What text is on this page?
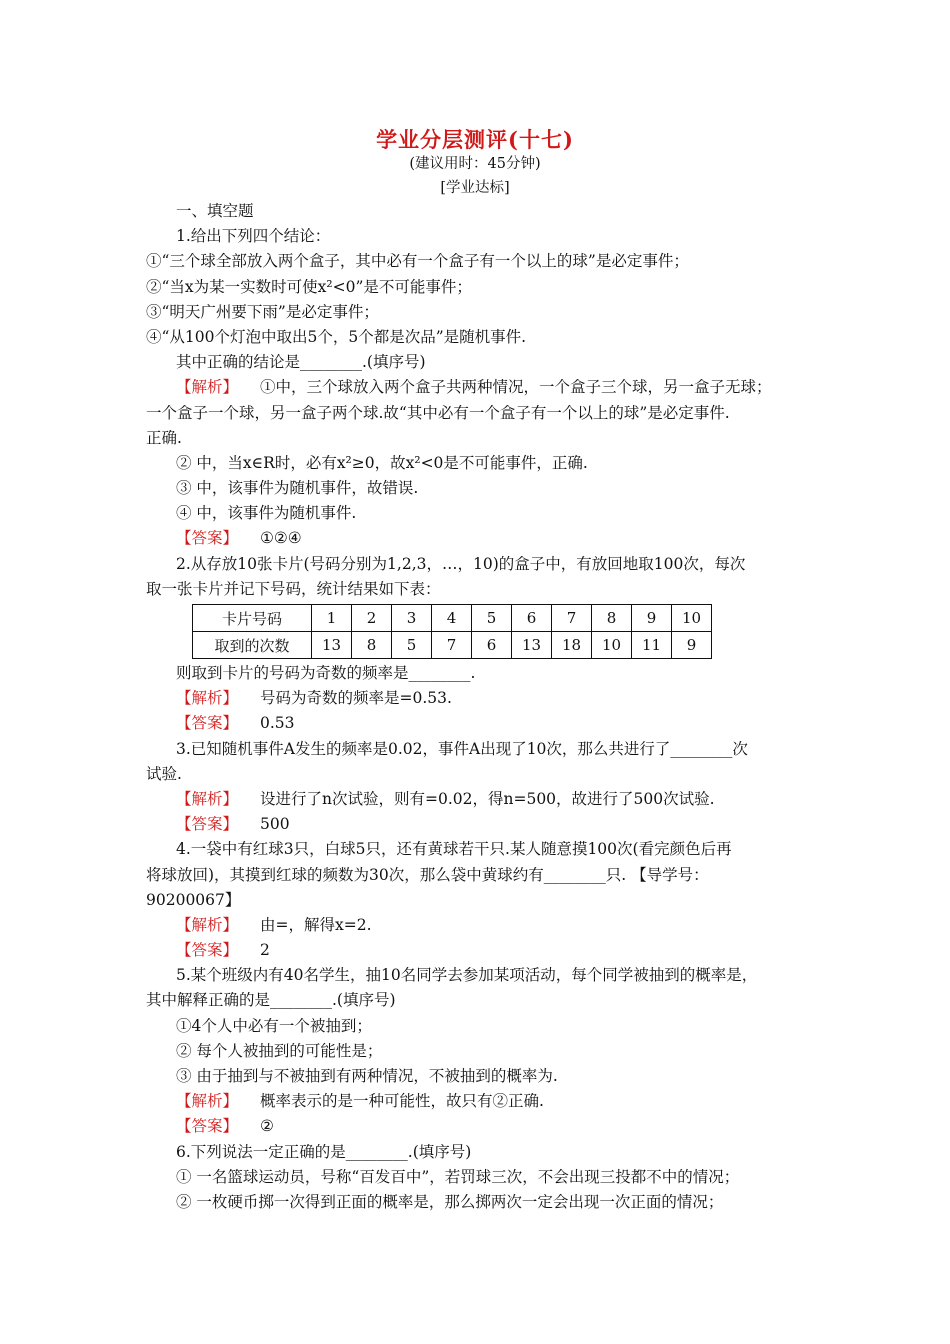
学业分层测评(十七)
(建议用时：45分钟)
[学业达标]
一、填空题
1.给出下列四个结论：
①“三个球全部放入两个盒子，其中必有一个盒子有一个以上的球”是必定事件；
②“当x为某一实数时可使x²<0”是不可能事件；
③“明天广州要下雨”是必定事件；
④“从100个灯泡中取出5个，5个都是次品”是随机事件.
其中正确的结论是________.(填序号)
【解析】 ①中，三个球放入两个盒子共两种情况，一个盒子三个球，另一盒子无球；
一个盒子一个球，另一盒子两个球.故“其中必有一个盒子有一个以上的球”是必定事件.
正确.
② 中，当x∈R时，必有x²≥0，故x²<0是不可能事件，正确.
③ 中，该事件为随机事件，故错误.
④ 中，该事件为随机事件.
【答案】 ①②④
2.从存放10张卡片(号码分别为1,2,3，…，10)的盒子中，有放回地取100次，每次
取一张卡片并记下号码，统计结果如下表：
卡片号码	1	2	3	4	5	6	7	8	9	10
取到的次数	13	8	5	7	6	13	18	10	11	9
则取到卡片的号码为奇数的频率是________.
【解析】 号码为奇数的频率是=0.53.
【答案】 0.53
3.已知随机事件A发生的频率是0.02，事件A出现了10次，那么共进行了________次
试验.
【解析】 设进行了n次试验，则有=0.02，得n=500，故进行了500次试验.
【答案】 500
4.一袋中有红球3只，白球5只，还有黄球若干只.某人随意摸100次(看完颜色后再
将球放回)，其摸到红球的频数为30次，那么袋中黄球约有________只. 【导学号：
90200067】
【解析】 由=，解得x=2.
【答案】 2
5.某个班级内有40名学生，抽10名同学去参加某项活动，每个同学被抽到的概率是，
其中解释正确的是________.(填序号)
①4个人中必有一个被抽到；
② 每个人被抽到的可能性是；
③ 由于抽到与不被抽到有两种情况，不被抽到的概率为.
【解析】 概率表示的是一种可能性，故只有②正确.
【答案】 ②
6.下列说法一定正确的是________.(填序号)
① 一名篮球运动员，号称“百发百中”，若罚球三次，不会出现三投都不中的情况；
② 一枚硬币掷一次得到正面的概率是，那么掷两次一定会出现一次正面的情况；
